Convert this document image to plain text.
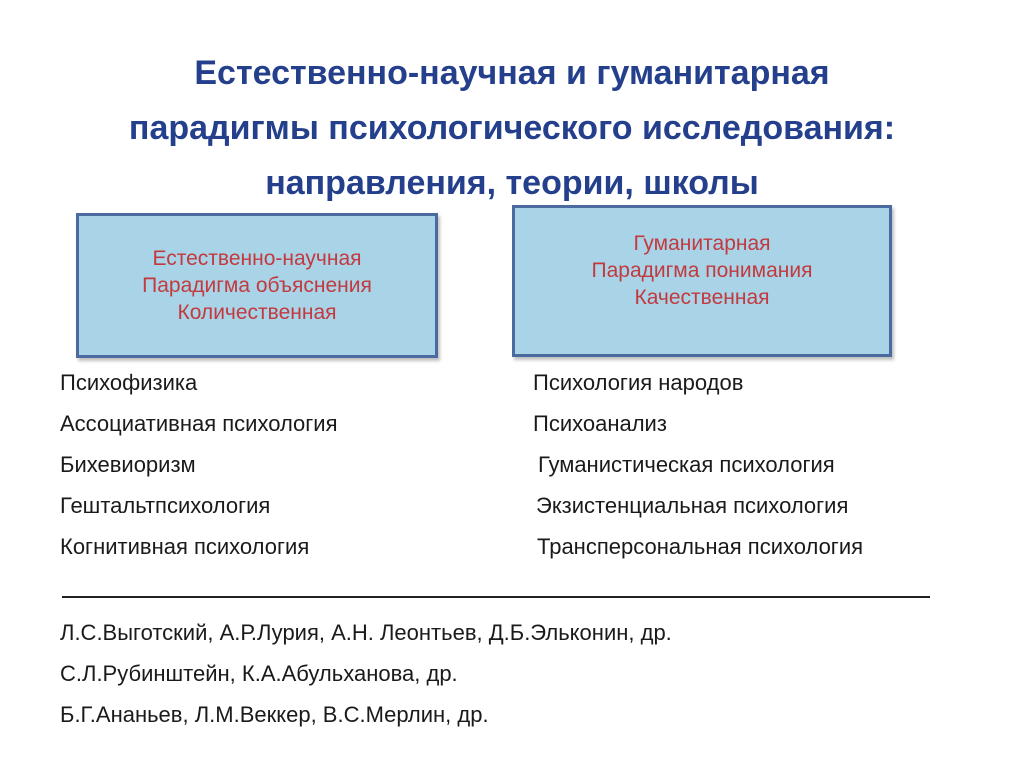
Естественно-научная и гуманитарная
парадигмы психологического исследования:
направления, теории, школы
Естественно-научная
Парадигма объяснения
Количественная
Гуманитарная
Парадигма понимания
Качественная
Психофизика
Ассоциативная психология
Бихевиоризм
Гештальтпсихология
Когнитивная психология
Психология народов
Психоанализ
Гуманистическая психология
Экзистенциальная психология
Трансперсональная психология
Л.С.Выготский, А.Р.Лурия, А.Н. Леонтьев, Д.Б.Эльконин, др.
С.Л.Рубинштейн, К.А.Абульханова, др.
Б.Г.Ананьев, Л.М.Веккер, В.С.Мерлин, др.
